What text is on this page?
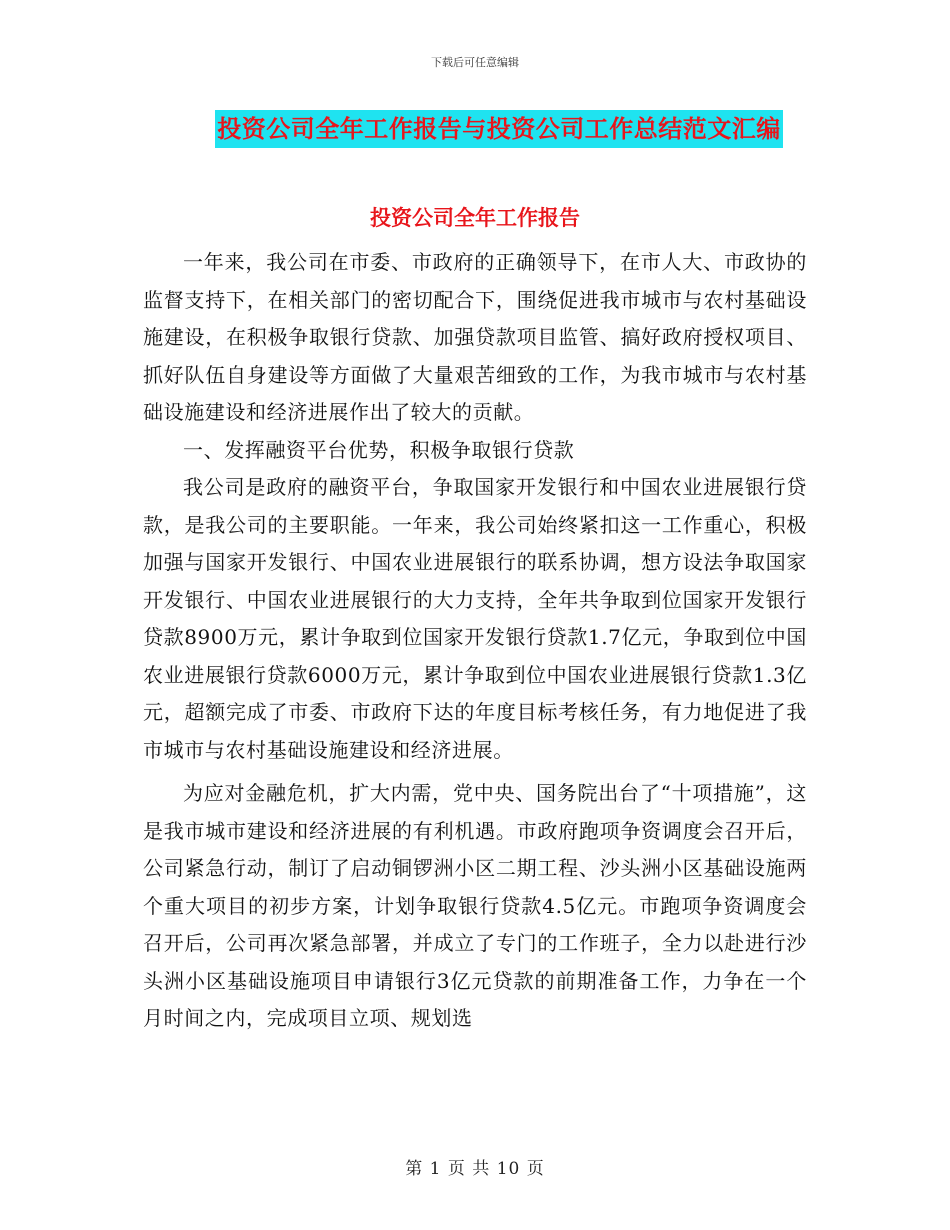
下载后可任意编辑
投资公司全年工作报告与投资公司工作总结范文汇编
投资公司全年工作报告

一年来，我公司在市委、市政府的正确领导下，在市人大、市政协的监督支持下，在相关部门的密切配合下，围绕促进我市城市与农村基础设施建设，在积极争取银行贷款、加强贷款项目监管、搞好政府授权项目、抓好队伍自身建设等方面做了大量艰苦细致的工作，为我市城市与农村基础设施建设和经济进展作出了较大的贡献。

一、发挥融资平台优势，积极争取银行贷款

我公司是政府的融资平台，争取国家开发银行和中国农业进展银行贷款，是我公司的主要职能。一年来，我公司始终紧扣这一工作重心，积极加强与国家开发银行、中国农业进展银行的联系协调，想方设法争取国家开发银行、中国农业进展银行的大力支持，全年共争取到位国家开发银行贷款8900万元，累计争取到位国家开发银行贷款1.7亿元，争取到位中国农业进展银行贷款6000万元，累计争取到位中国农业进展银行贷款1.3亿元，超额完成了市委、市政府下达的年度目标考核任务，有力地促进了我市城市与农村基础设施建设和经济进展。

为应对金融危机，扩大内需，党中央、国务院出台了“十项措施”，这是我市城市建设和经济进展的有利机遇。市政府跑项争资调度会召开后，公司紧急行动，制订了启动铜锣洲小区二期工程、沙头洲小区基础设施两个重大项目的初步方案，计划争取银行贷款4.5亿元。市跑项争资调度会召开后，公司再次紧急部署，并成立了专门的工作班子，全力以赴进行沙头洲小区基础设施项目申请银行3亿元贷款的前期准备工作，力争在一个月时间之内，完成项目立项、规划选

第 1 页 共 10 页
